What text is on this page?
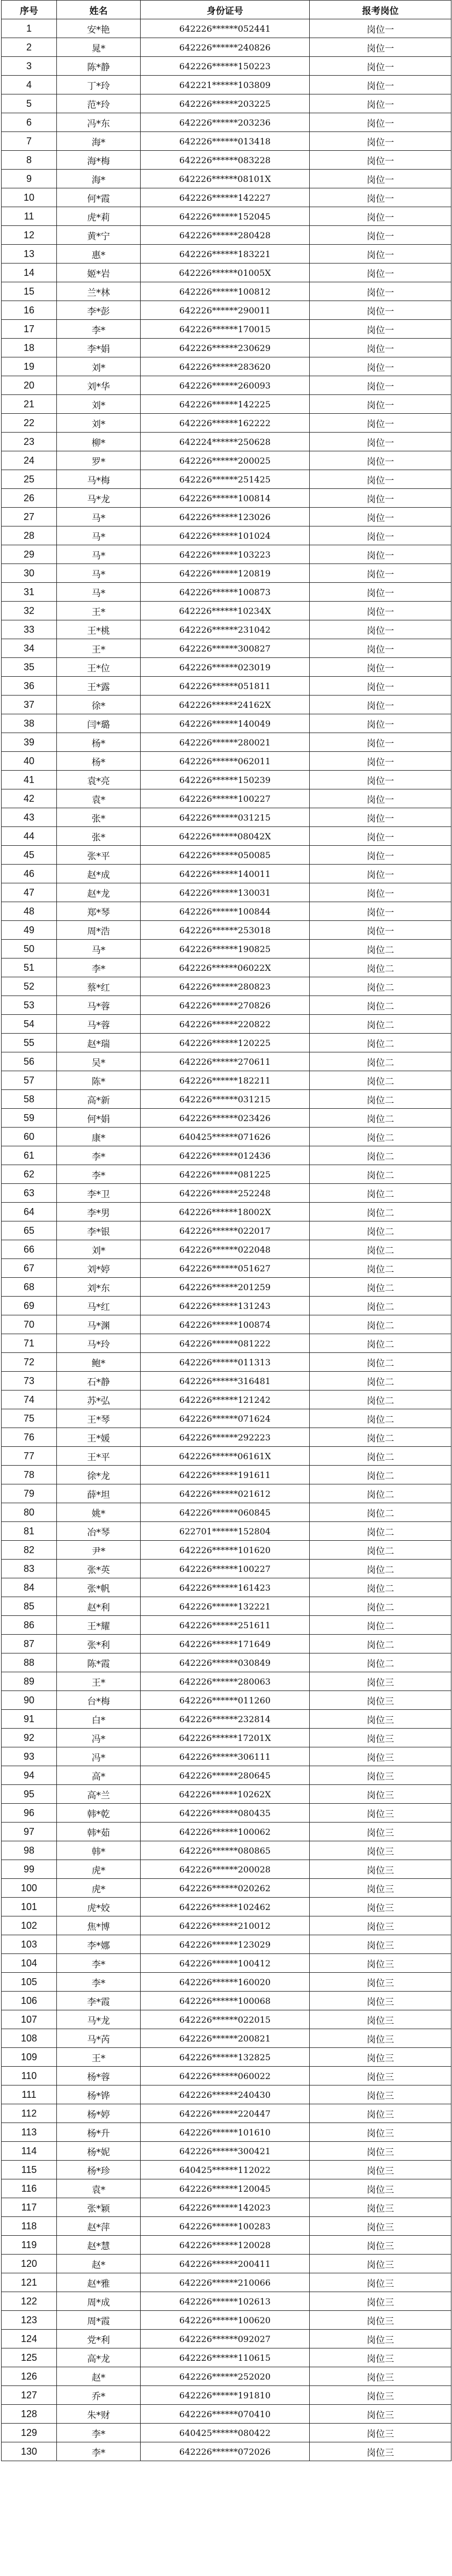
序号	姓名	身份证号	报考岗位
1	安*艳	642226******052441	岗位一
2	晁*	642226******240826	岗位一
3	陈*静	642226******150223	岗位一
4	丁*玲	642221******103809	岗位一
5	范*玲	642226******203225	岗位一
6	冯*东	642226******203236	岗位一
7	海*	642226******013418	岗位一
8	海*梅	642226******083228	岗位一
9	海*	642226******08101X	岗位一
10	何*霞	642226******142227	岗位一
11	虎*莉	642226******152045	岗位一
12	黄*宁	642226******280428	岗位一
13	惠*	642226******183221	岗位一
14	姬*岩	642226******01005X	岗位一
15	兰*林	642226******100812	岗位一
16	李*彭	642226******290011	岗位一
17	李*	642226******170015	岗位一
18	李*娟	642226******230629	岗位一
19	刘*	642226******283620	岗位一
20	刘*华	642226******260093	岗位一
21	刘*	642226******142225	岗位一
22	刘*	642226******162222	岗位一
23	柳*	642224******250628	岗位一
24	罗*	642226******200025	岗位一
25	马*梅	642226******251425	岗位一
26	马*龙	642226******100814	岗位一
27	马*	642226******123026	岗位一
28	马*	642226******101024	岗位一
29	马*	642226******103223	岗位一
30	马*	642226******120819	岗位一
31	马*	642226******100873	岗位一
32	王*	642226******10234X	岗位一
33	王*桃	642226******231042	岗位一
34	王*	642226******300827	岗位一
35	王*位	642226******023019	岗位一
36	王*露	642226******051811	岗位一
37	徐*	642226******24162X	岗位一
38	闫*璐	642226******140049	岗位一
39	杨*	642226******280021	岗位一
40	杨*	642226******062011	岗位一
41	袁*亮	642226******150239	岗位一
42	袁*	642226******100227	岗位一
43	张*	642226******031215	岗位一
44	张*	642226******08042X	岗位一
45	张*平	642226******050085	岗位一
46	赵*成	642226******140011	岗位一
47	赵*龙	642226******130031	岗位一
48	郑*琴	642226******100844	岗位一
49	周*浩	642226******253018	岗位一
50	马*	642226******190825	岗位二
51	李*	642226******06022X	岗位二
52	蔡*红	642226******280823	岗位二
53	马*蓉	642226******270826	岗位二
54	马*蓉	642226******220822	岗位二
55	赵*瑞	642226******120225	岗位二
56	吴*	642226******270611	岗位二
57	陈*	642226******182211	岗位二
58	高*新	642226******031215	岗位二
59	何*娟	642226******023426	岗位二
60	康*	640425******071626	岗位二
61	李*	642226******012436	岗位二
62	李*	642226******081225	岗位二
63	李*卫	642226******252248	岗位二
64	李*男	642226******18002X	岗位二
65	李*银	642226******022017	岗位二
66	刘*	642226******022048	岗位二
67	刘*婷	642226******051627	岗位二
68	刘*东	642226******201259	岗位二
69	马*红	642226******131243	岗位二
70	马*渊	642226******100874	岗位二
71	马*玲	642226******081222	岗位二
72	鲍*	642226******011313	岗位二
73	石*静	642226******316481	岗位二
74	苏*弘	642226******121242	岗位二
75	王*琴	642226******071624	岗位二
76	王*媛	642226******292223	岗位二
77	王*平	642226******06161X	岗位二
78	徐*龙	642226******191611	岗位二
79	薛*坦	642226******021612	岗位二
80	姚*	642226******060845	岗位二
81	冶*琴	622701******152804	岗位二
82	尹*	642226******101620	岗位二
83	张*英	642226******100227	岗位二
84	张*帆	642226******161423	岗位二
85	赵*利	642226******132221	岗位二
86	王*耀	642226******251611	岗位二
87	张*利	642226******171649	岗位二
88	陈*霞	642226******030849	岗位二
89	王*	642226******280063	岗位三
90	台*梅	642226******011260	岗位三
91	白*	642226******232814	岗位三
92	冯*	642226******17201X	岗位三
93	冯*	642226******306111	岗位三
94	高*	642226******280645	岗位三
95	高*兰	642226******10262X	岗位三
96	韩*乾	642226******080435	岗位三
97	韩*茹	642226******100062	岗位三
98	韩*	642226******080865	岗位三
99	虎*	642226******200028	岗位三
100	虎*	642226******020262	岗位三
101	虎*姣	642226******102462	岗位三
102	焦*博	642226******210012	岗位三
103	李*娜	642226******123029	岗位三
104	李*	642226******100412	岗位三
105	李*	642226******160020	岗位三
106	李*霞	642226******100068	岗位三
107	马*龙	642226******022015	岗位三
108	马*芮	642226******200821	岗位三
109	王*	642226******132825	岗位三
110	杨*蓉	642226******060022	岗位三
111	杨*铧	642226******240430	岗位三
112	杨*婷	642226******220447	岗位三
113	杨*升	642226******101610	岗位三
114	杨*妮	642226******300421	岗位三
115	杨*珍	640425******112022	岗位三
116	袁*	642226******120045	岗位三
117	张*颖	642226******142023	岗位三
118	赵*萍	642226******100283	岗位三
119	赵*慧	642226******120028	岗位三
120	赵*	642226******200411	岗位三
121	赵*雅	642226******210066	岗位三
122	周*成	642226******102613	岗位三
123	周*霞	642226******100620	岗位三
124	党*利	642226******092027	岗位三
125	高*龙	642226******110615	岗位三
126	赵*	642226******252020	岗位三
127	乔*	642226******191810	岗位三
128	朱*财	642226******070410	岗位三
129	李*	640425******080422	岗位三
130	李*	642226******072026	岗位三
